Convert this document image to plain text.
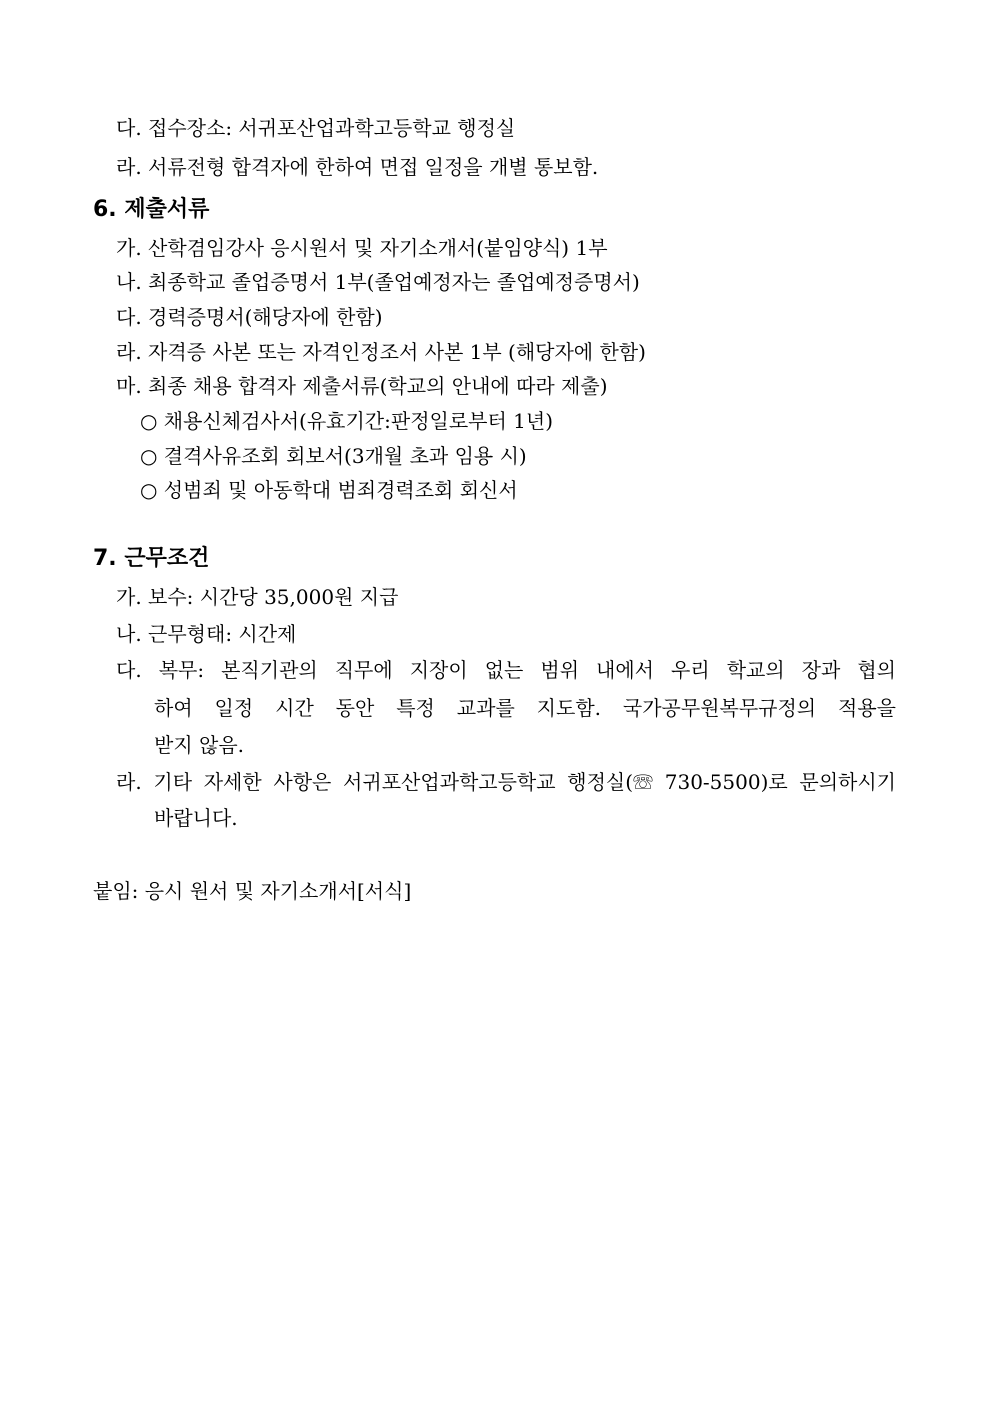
다. 접수장소: 서귀포산업과학고등학교 행정실
라. 서류전형 합격자에 한하여 면접 일정을 개별 통보함.
6. 제출서류
가. 산학겸임강사 응시원서 및 자기소개서(붙임양식) 1부
나. 최종학교 졸업증명서 1부(졸업예정자는 졸업예정증명서)
다. 경력증명서(해당자에 한함)
라. 자격증 사본 또는 자격인정조서 사본 1부 (해당자에 한함)
마. 최종 채용 합격자 제출서류(학교의 안내에 따라 제출)
○ 채용신체검사서(유효기간:판정일로부터 1년)
○ 결격사유조회 회보서(3개월 초과 임용 시)
○ 성범죄 및 아동학대 범죄경력조회 회신서
7. 근무조건
가. 보수: 시간당 35,000원 지급
나. 근무형태: 시간제
다. 복무: 본직기관의 직무에 지장이 없는 범위 내에서 우리 학교의 장과 협의
하여 일정 시간 동안 특정 교과를 지도함. 국가공무원복무규정의 적용을
받지 않음.
라. 기타 자세한 사항은 서귀포산업과학고등학교 행정실(☏ 730-5500)로 문의하시기
바랍니다.
붙임: 응시 원서 및 자기소개서[서식]
